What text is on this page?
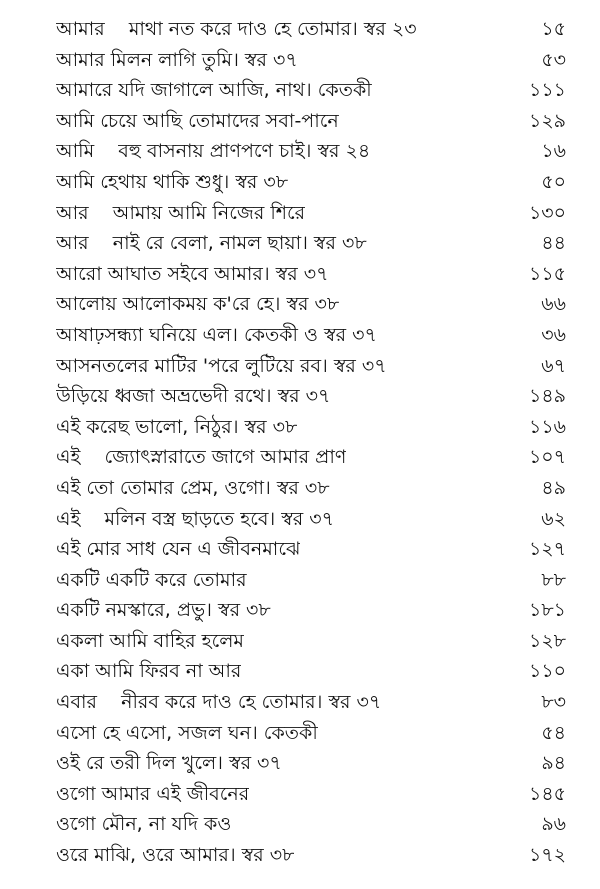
আমার    মাথা নত করে দাও হে তোমার। স্বর ২৩	১৫
আমার মিলন লাগি তুমি। স্বর ৩৭	৫৩
আমারে যদি জাগালে আজি, নাথ। কেতকী	১১১
আমি চেয়ে আছি তোমাদের সবা-পানে	১২৯
আমি    বহু বাসনায় প্রাণপণে চাই। স্বর ২৪	১৬
আমি হেথায় থাকি শুধু। স্বর ৩৮	৫০
আর    আমায় আমি নিজের শিরে	১৩০
আর    নাই রে বেলা, নামল ছায়া। স্বর ৩৮	৪৪
আরো আঘাত সইবে আমার। স্বর ৩৭	১১৫
আলোয় আলোকময় ক'রে হে। স্বর ৩৮	৬৬
আষাঢ়সন্ধ্যা ঘনিয়ে এল। কেতকী ও স্বর ৩৭	৩৬
আসনতলের মাটির 'পরে লুটিয়ে রব। স্বর ৩৭	৬৭
উড়িয়ে ধ্বজা অভ্রভেদী রথে। স্বর ৩৭	১৪৯
এই করেছ ভালো, নিঠুর। স্বর ৩৮	১১৬
এই    জ্যোৎস্নারাতে জাগে আমার প্রাণ	১০৭
এই তো তোমার প্রেম, ওগো। স্বর ৩৮	৪৯
এই    মলিন বস্ত্র ছাড়তে হবে। স্বর ৩৭	৬২
এই মোর সাধ যেন এ জীবনমাঝে	১২৭
একটি একটি করে তোমার	৮৮
একটি নমস্কারে, প্রভু। স্বর ৩৮	১৮১
একলা আমি বাহির হলেম	১২৮
একা আমি ফিরব না আর	১১০
এবার    নীরব করে দাও হে তোমার। স্বর ৩৭	৮৩
এসো হে এসো, সজল ঘন। কেতকী	৫৪
ওই রে তরী দিল খুলে। স্বর ৩৭	৯৪
ওগো আমার এই জীবনের	১৪৫
ওগো মৌন, না যদি কও	৯৬
ওরে মাঝি, ওরে আমার। স্বর ৩৮	১৭২
